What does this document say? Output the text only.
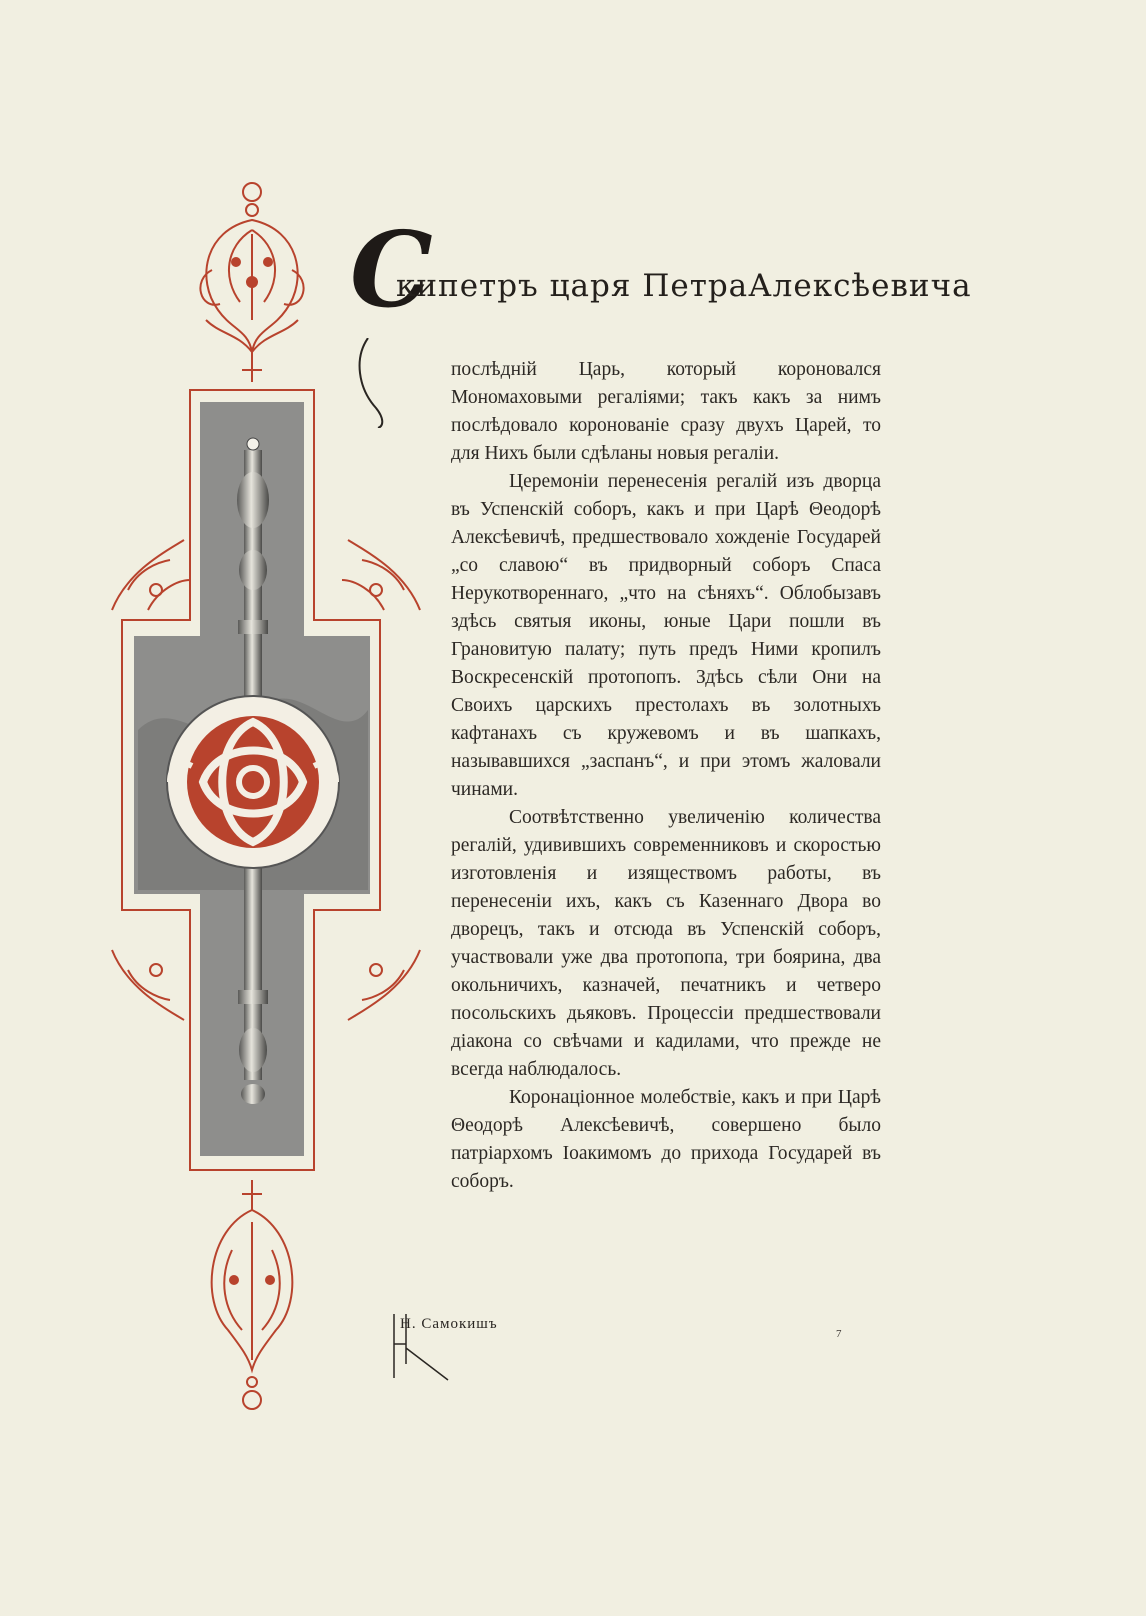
С
кипетръ царя ПетраАлексѣевича

послѣдній Царь, который короновался Мономаховыми регаліями; такъ какъ за нимъ послѣдовало коронованіе сразу двухъ Царей, то для Нихъ были сдѣланы новыя регаліи.

Церемоніи перенесенія регалій изъ дворца въ Успенскій соборъ, какъ и при Царѣ Θеодорѣ Алексѣевичѣ, предшествовало хожденіе Государей „со славою“ въ придворный соборъ Спаса Нерукотвореннаго, „что на сѣняхъ“. Облобызавъ здѣсь святыя иконы, юные Цари пошли въ Грановитую палату; путь предъ Ними кропилъ Воскресенскій протопопъ. Здѣсь сѣли Они на Своихъ царскихъ престолахъ въ золотныхъ кафтанахъ съ кружевомъ и въ шапкахъ, называвшихся „заспанъ“, и при этомъ жаловали чинами.

Соотвѣтственно увеличенію количества регалій, удивившихъ современниковъ и скоростью изготовленія и изяществомъ работы, въ перенесеніи ихъ, какъ съ Казеннаго Двора во дворецъ, такъ и отсюда въ Успенскій соборъ, участвовали уже два протопопа, три боярина, два окольничихъ, казначей, печатникъ и четверо посольскихъ дьяковъ. Процессіи предшествовали діакона со свѣчами и кадилами, что прежде не всегда наблюдалось.

Коронаціонное молебствіе, какъ и при Царѣ Θеодорѣ Алексѣевичѣ, совершено было патріархомъ Іоакимомъ до прихода Государей въ соборъ.

Н. Самокишъ
7
